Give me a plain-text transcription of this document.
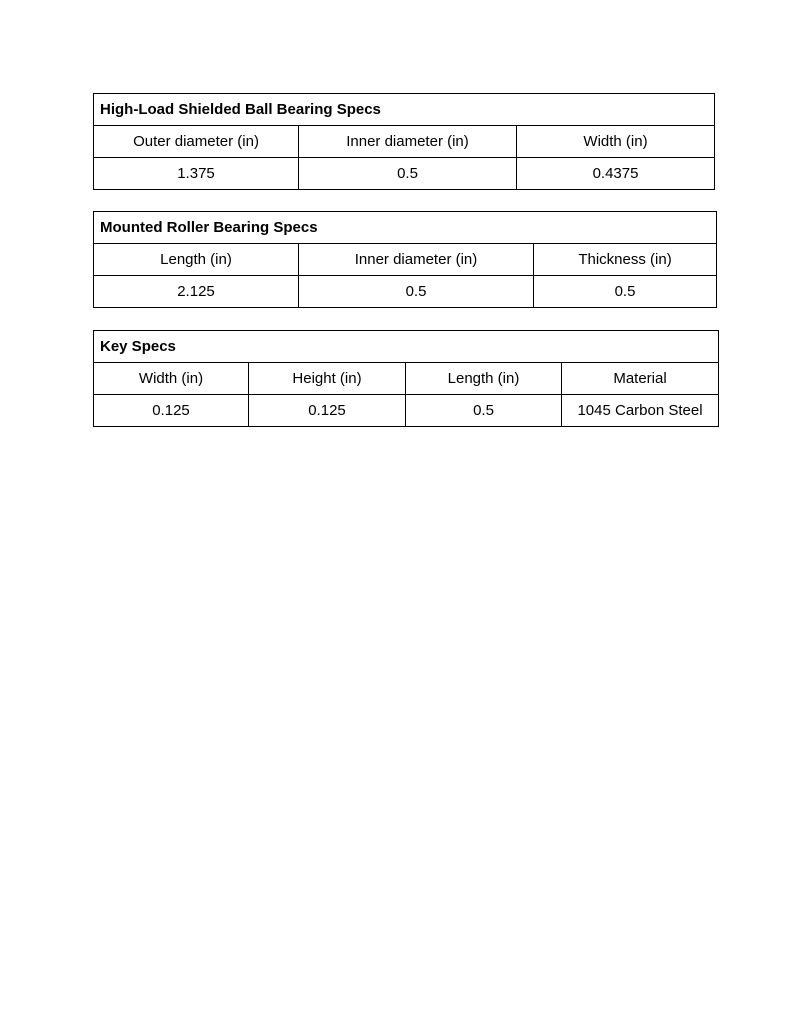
High-Load Shielded Ball Bearing Specs		
Outer diameter (in)	Inner diameter (in)	Width (in)
1.375	0.5	0.4375
Mounted Roller Bearing Specs		
Length (in)	Inner diameter (in)	Thickness (in)
2.125	0.5	0.5
Key Specs			
Width (in)	Height (in)	Length (in)	Material
0.125	0.125	0.5	1045 Carbon Steel
